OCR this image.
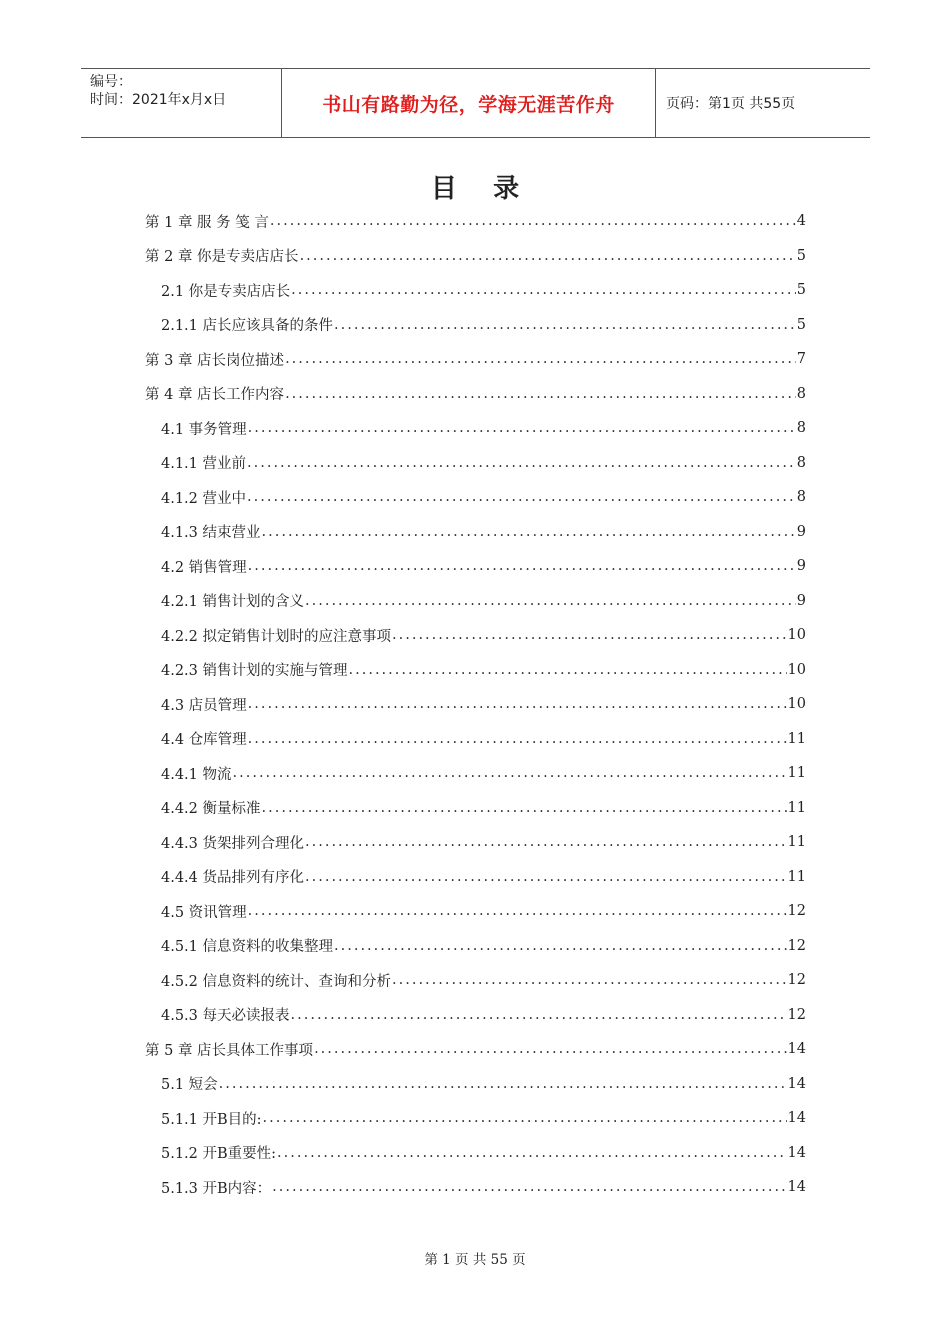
编号：
时间：2021年x月x日	书山有路勤为径，学海无涯苦作舟	页码：第1页 共55页
目    录
第 1 章 服 务 笺 言 .....	4
第 2 章 你是专卖店店长 .....	5
2.1 你是专卖店店长 .....	5
2.1.1 店长应该具备的条件 .....	5
第 3 章 店长岗位描述 .....	7
第 4 章 店长工作内容 .....	8
4.1 事务管理 .....	8
4.1.1 营业前 .....	8
4.1.2 营业中 .....	8
4.1.3 结束营业 .....	9
4.2 销售管理 .....	9
4.2.1 销售计划的含义 .....	9
4.2.2 拟定销售计划时的应注意事项 .....	10
4.2.3 销售计划的实施与管理 .....	10
4.3 店员管理 .....	10
4.4 仓库管理 .....	11
4.4.1 物流 .....	11
4.4.2 衡量标准 .....	11
4.4.3 货架排列合理化 .....	11
4.4.4 货品排列有序化 .....	11
4.5 资讯管理 .....	12
4.5.1 信息资料的收集整理 .....	12
4.5.2 信息资料的统计、查询和分析 .....	12
4.5.3 每天必读报表 .....	12
第 5 章 店长具体工作事项 .....	14
5.1 短会 .....	14
5.1.1 开B目的: .....	14
5.1.2 开B重要性: .....	14
5.1.3 开B内容： .....	14
第 1 页 共 55 页
